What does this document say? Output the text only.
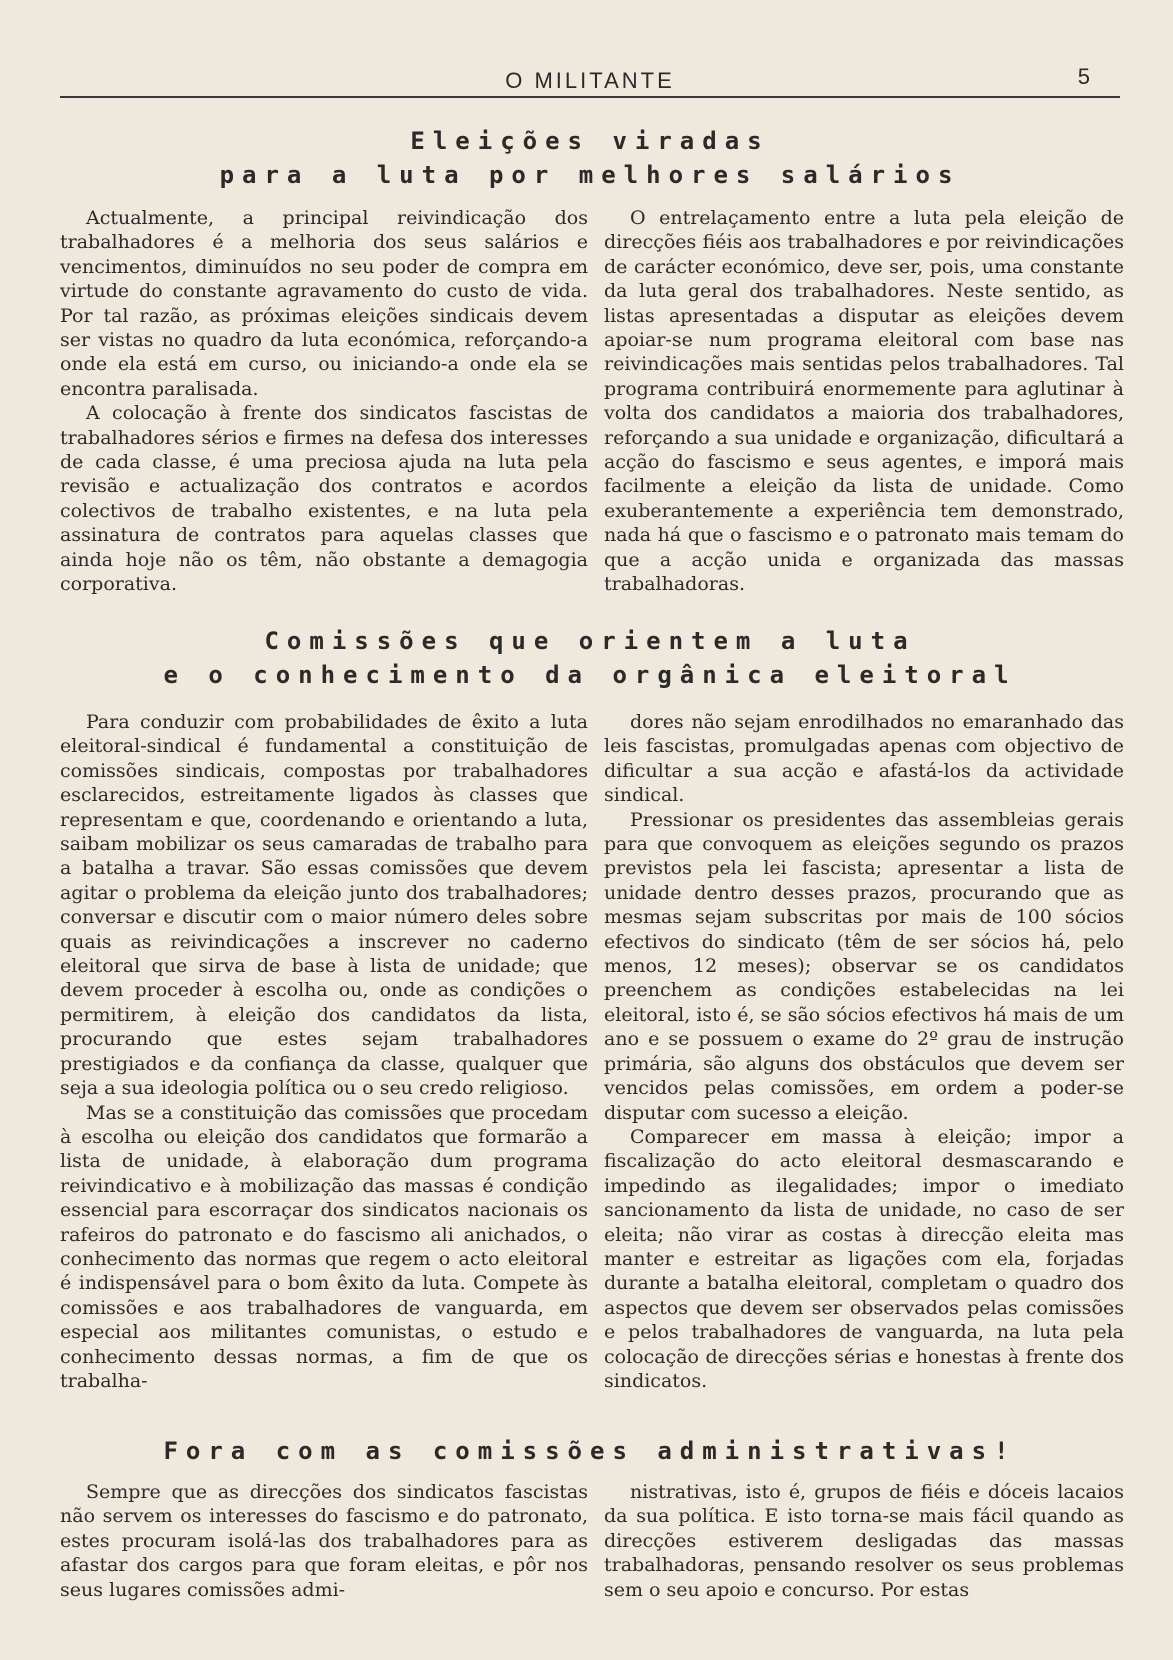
O MILITANTE	5
Eleições viradas
para a luta por melhores salários

Actualmente, a principal reivindicação dos trabalhadores é a melhoria dos seus salários e vencimentos, diminuídos no seu poder de compra em virtude do constante agravamento do custo de vida. Por tal razão, as próximas eleições sindicais devem ser vistas no quadro da luta económica, reforçando-a onde ela está em curso, ou iniciando-a onde ela se encontra paralisada.

A colocação à frente dos sindicatos fascistas de trabalhadores sérios e firmes na defesa dos interesses de cada classe, é uma preciosa ajuda na luta pela revisão e actualização dos contratos e acordos colectivos de trabalho existentes, e na luta pela assinatura de contratos para aquelas classes que ainda hoje não os têm, não obstante a demagogia corporativa.

O entrelaçamento entre a luta pela eleição de direcções fiéis aos trabalhadores e por reivindicações de carácter económico, deve ser, pois, uma constante da luta geral dos trabalhadores. Neste sentido, as listas apresentadas a disputar as eleições devem apoiar-se num programa eleitoral com base nas reivindicações mais sentidas pelos trabalhadores. Tal programa contribuirá enormemente para aglutinar à volta dos candidatos a maioria dos trabalhadores, reforçando a sua unidade e organização, dificultará a acção do fascismo e seus agentes, e imporá mais facilmente a eleição da lista de unidade. Como exuberantemente a experiência tem demonstrado, nada há que o fascismo e o patronato mais temam do que a acção unida e organizada das massas trabalhadoras.

Comissões que orientem a luta
e o conhecimento da orgânica eleitoral

Para conduzir com probabilidades de êxito a luta eleitoral-sindical é fundamental a constituição de comissões sindicais, compostas por trabalhadores esclarecidos, estreitamente ligados às classes que representam e que, coordenando e orientando a luta, saibam mobilizar os seus camaradas de trabalho para a batalha a travar. São essas comissões que devem agitar o problema da eleição junto dos trabalhadores; conversar e discutir com o maior número deles sobre quais as reivindicações a inscrever no caderno eleitoral que sirva de base à lista de unidade; que devem proceder à escolha ou, onde as condições o permitirem, à eleição dos candidatos da lista, procurando que estes sejam trabalhadores prestigiados e da confiança da classe, qualquer que seja a sua ideologia política ou o seu credo religioso.

Mas se a constituição das comissões que procedam à escolha ou eleição dos candidatos que formarão a lista de unidade, à elaboração dum programa reivindicativo e à mobilização das massas é condição essencial para escorraçar dos sindicatos nacionais os rafeiros do patronato e do fascismo ali anichados, o conhecimento das normas que regem o acto eleitoral é indispensável para o bom êxito da luta. Compete às comissões e aos trabalhadores de vanguarda, em especial aos militantes comunistas, o estudo e conhecimento dessas normas, a fim de que os trabalha-

dores não sejam enrodilhados no emaranhado das leis fascistas, promulgadas apenas com objectivo de dificultar a sua acção e afastá-los da actividade sindical.

Pressionar os presidentes das assembleias gerais para que convoquem as eleições segundo os prazos previstos pela lei fascista; apresentar a lista de unidade dentro desses prazos, procurando que as mesmas sejam subscritas por mais de 100 sócios efectivos do sindicato (têm de ser sócios há, pelo menos, 12 meses); observar se os candidatos preenchem as condições estabelecidas na lei eleitoral, isto é, se são sócios efectivos há mais de um ano e se possuem o exame do 2º grau de instrução primária, são alguns dos obstáculos que devem ser vencidos pelas comissões, em ordem a poder-se disputar com sucesso a eleição.

Comparecer em massa à eleição; impor a fiscalização do acto eleitoral desmascarando e impedindo as ilegalidades; impor o imediato sancionamento da lista de unidade, no caso de ser eleita; não virar as costas à direcção eleita mas manter e estreitar as ligações com ela, forjadas durante a batalha eleitoral, completam o quadro dos aspectos que devem ser observados pelas comissões e pelos trabalhadores de vanguarda, na luta pela colocação de direcções sérias e honestas à frente dos sindicatos.

Fora com as comissões administrativas!

Sempre que as direcções dos sindicatos fascistas não servem os interesses do fascismo e do patronato, estes procuram isolá-las dos trabalhadores para as afastar dos cargos para que foram eleitas, e pôr nos seus lugares comissões admi-

nistrativas, isto é, grupos de fiéis e dóceis lacaios da sua política. E isto torna-se mais fácil quando as direcções estiverem desligadas das massas trabalhadoras, pensando resolver os seus problemas sem o seu apoio e concurso. Por estas
